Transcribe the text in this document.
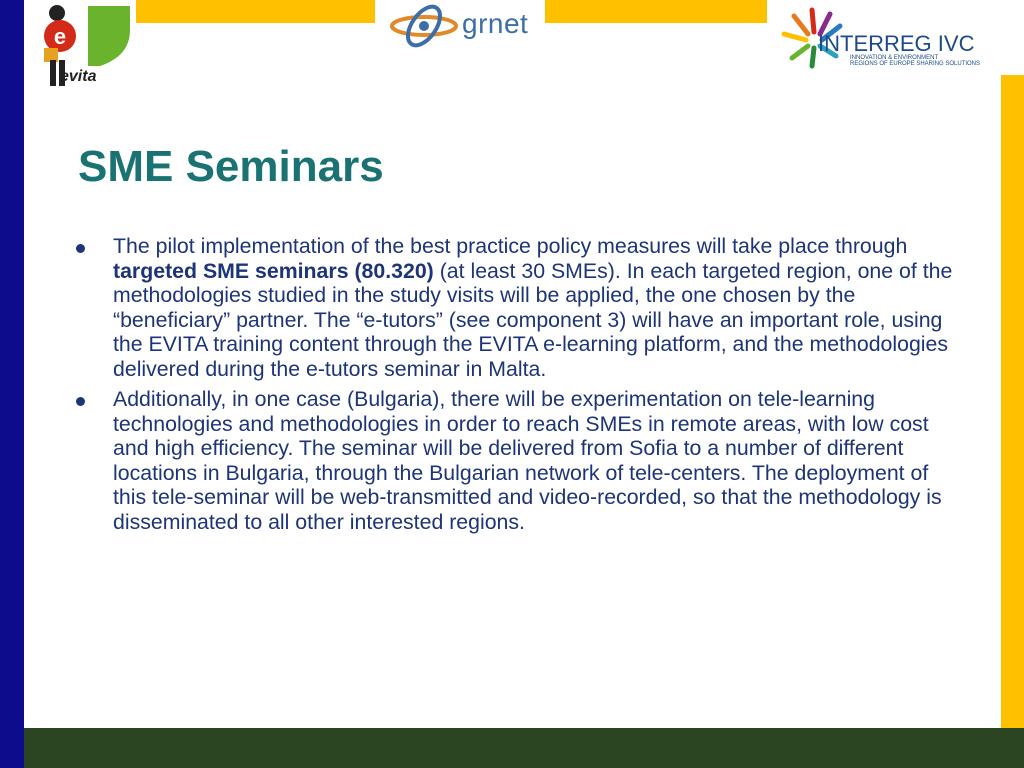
e
evita
grnet
INTERREG IVC
INNOVATION & ENVIRONMENT
REGIONS OF EUROPE SHARING SOLUTIONS
SME Seminars
The pilot implementation of the best practice policy measures will take place through targeted SME seminars (80.320) (at least 30 SMEs). In each targeted region, one of the methodologies studied in the study visits will be applied, the one chosen by the “beneficiary” partner. The “e-tutors” (see component 3) will have an important role, using the EVITA training content through the EVITA e-learning platform, and the methodologies delivered during the e-tutors seminar in Malta.
Additionally, in one case (Bulgaria), there will be experimentation on tele-learning technologies and methodologies in order to reach SMEs in remote areas, with low cost and high efficiency. The seminar will be delivered from Sofia to a number of different locations in Bulgaria, through the Bulgarian network of tele-centers. The deployment of this tele-seminar will be web-transmitted and video-recorded, so that the methodology is disseminated to all other interested regions.
